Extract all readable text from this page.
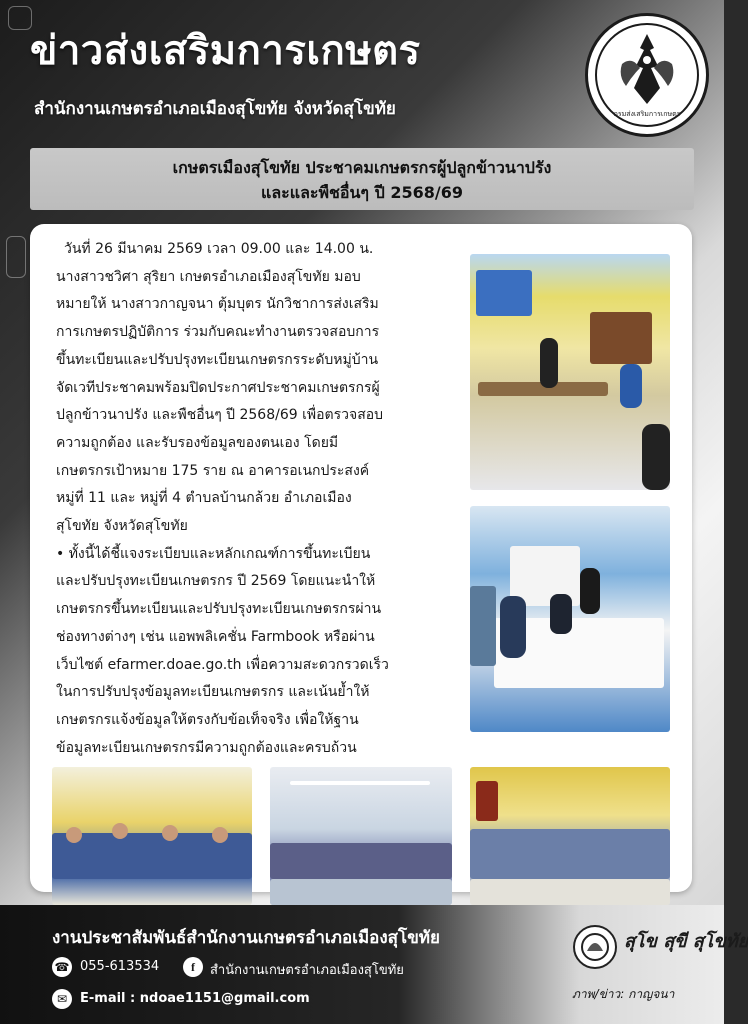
ข่าวส่งเสริมการเกษตร
สำนักงานเกษตรอำเภอเมืองสุโขทัย จังหวัดสุโขทัย	กรมส่งเสริมการเกษตร
เกษตรเมืองสุโขทัย ประชาคมเกษตรกรผู้ปลูกข้าวนาปรัง
และและพืชอื่นๆ ปี 2568/69
วันที่ 26 มีนาคม 2569 เวลา 09.00 และ 14.00 น.
นางสาวชวิศา สุริยา เกษตรอำเภอเมืองสุโขทัย มอบ
หมายให้ นางสาวกาญจนา ตุ้มบุตร นักวิชาการส่งเสริม
การเกษตรปฏิบัติการ ร่วมกับคณะทำงานตรวจสอบการ
ขึ้นทะเบียนและปรับปรุงทะเบียนเกษตรกรระดับหมู่บ้าน
จัดเวทีประชาคมพร้อมปิดประกาศประชาคมเกษตรกรผู้
ปลูกข้าวนาปรัง และพืชอื่นๆ ปี 2568/69 เพื่อตรวจสอบ
ความถูกต้อง และรับรองข้อมูลของตนเอง โดยมี
เกษตรกรเป้าหมาย 175 ราย ณ อาคารอเนกประสงค์
หมู่ที่ 11 และ หมู่ที่ 4 ตำบลบ้านกล้วย อำเภอเมือง
สุโขทัย จังหวัดสุโขทัย
• ทั้งนี้ได้ชี้แจงระเบียบและหลักเกณฑ์การขึ้นทะเบียน
และปรับปรุงทะเบียนเกษตรกร ปี 2569 โดยแนะนำให้
เกษตรกรขึ้นทะเบียนและปรับปรุงทะเบียนเกษตรกรผ่าน
ช่องทางต่างๆ เช่น แอพพลิเคชั่น Farmbook หรือผ่าน
เว็บไซต์ efarmer.doae.go.th เพื่อความสะดวกรวดเร็ว
ในการปรับปรุงข้อมูลทะเบียนเกษตรกร และเน้นย้ำให้
เกษตรกรแจ้งข้อมูลให้ตรงกับข้อเท็จจริง เพื่อให้ฐาน
ข้อมูลทะเบียนเกษตรกรมีความถูกต้องและครบถ้วน
งานประชาสัมพันธ์สำนักงานเกษตรอำเภอเมืองสุโขทัย
☎ 055-613534	f	สำนักงานเกษตรอำเภอเมืองสุโขทัย
✉ E-mail : ndoae1151@gmail.com
สุโข สุขี สุโขทัย
ภาพ/ข่าว: กาญจนา
